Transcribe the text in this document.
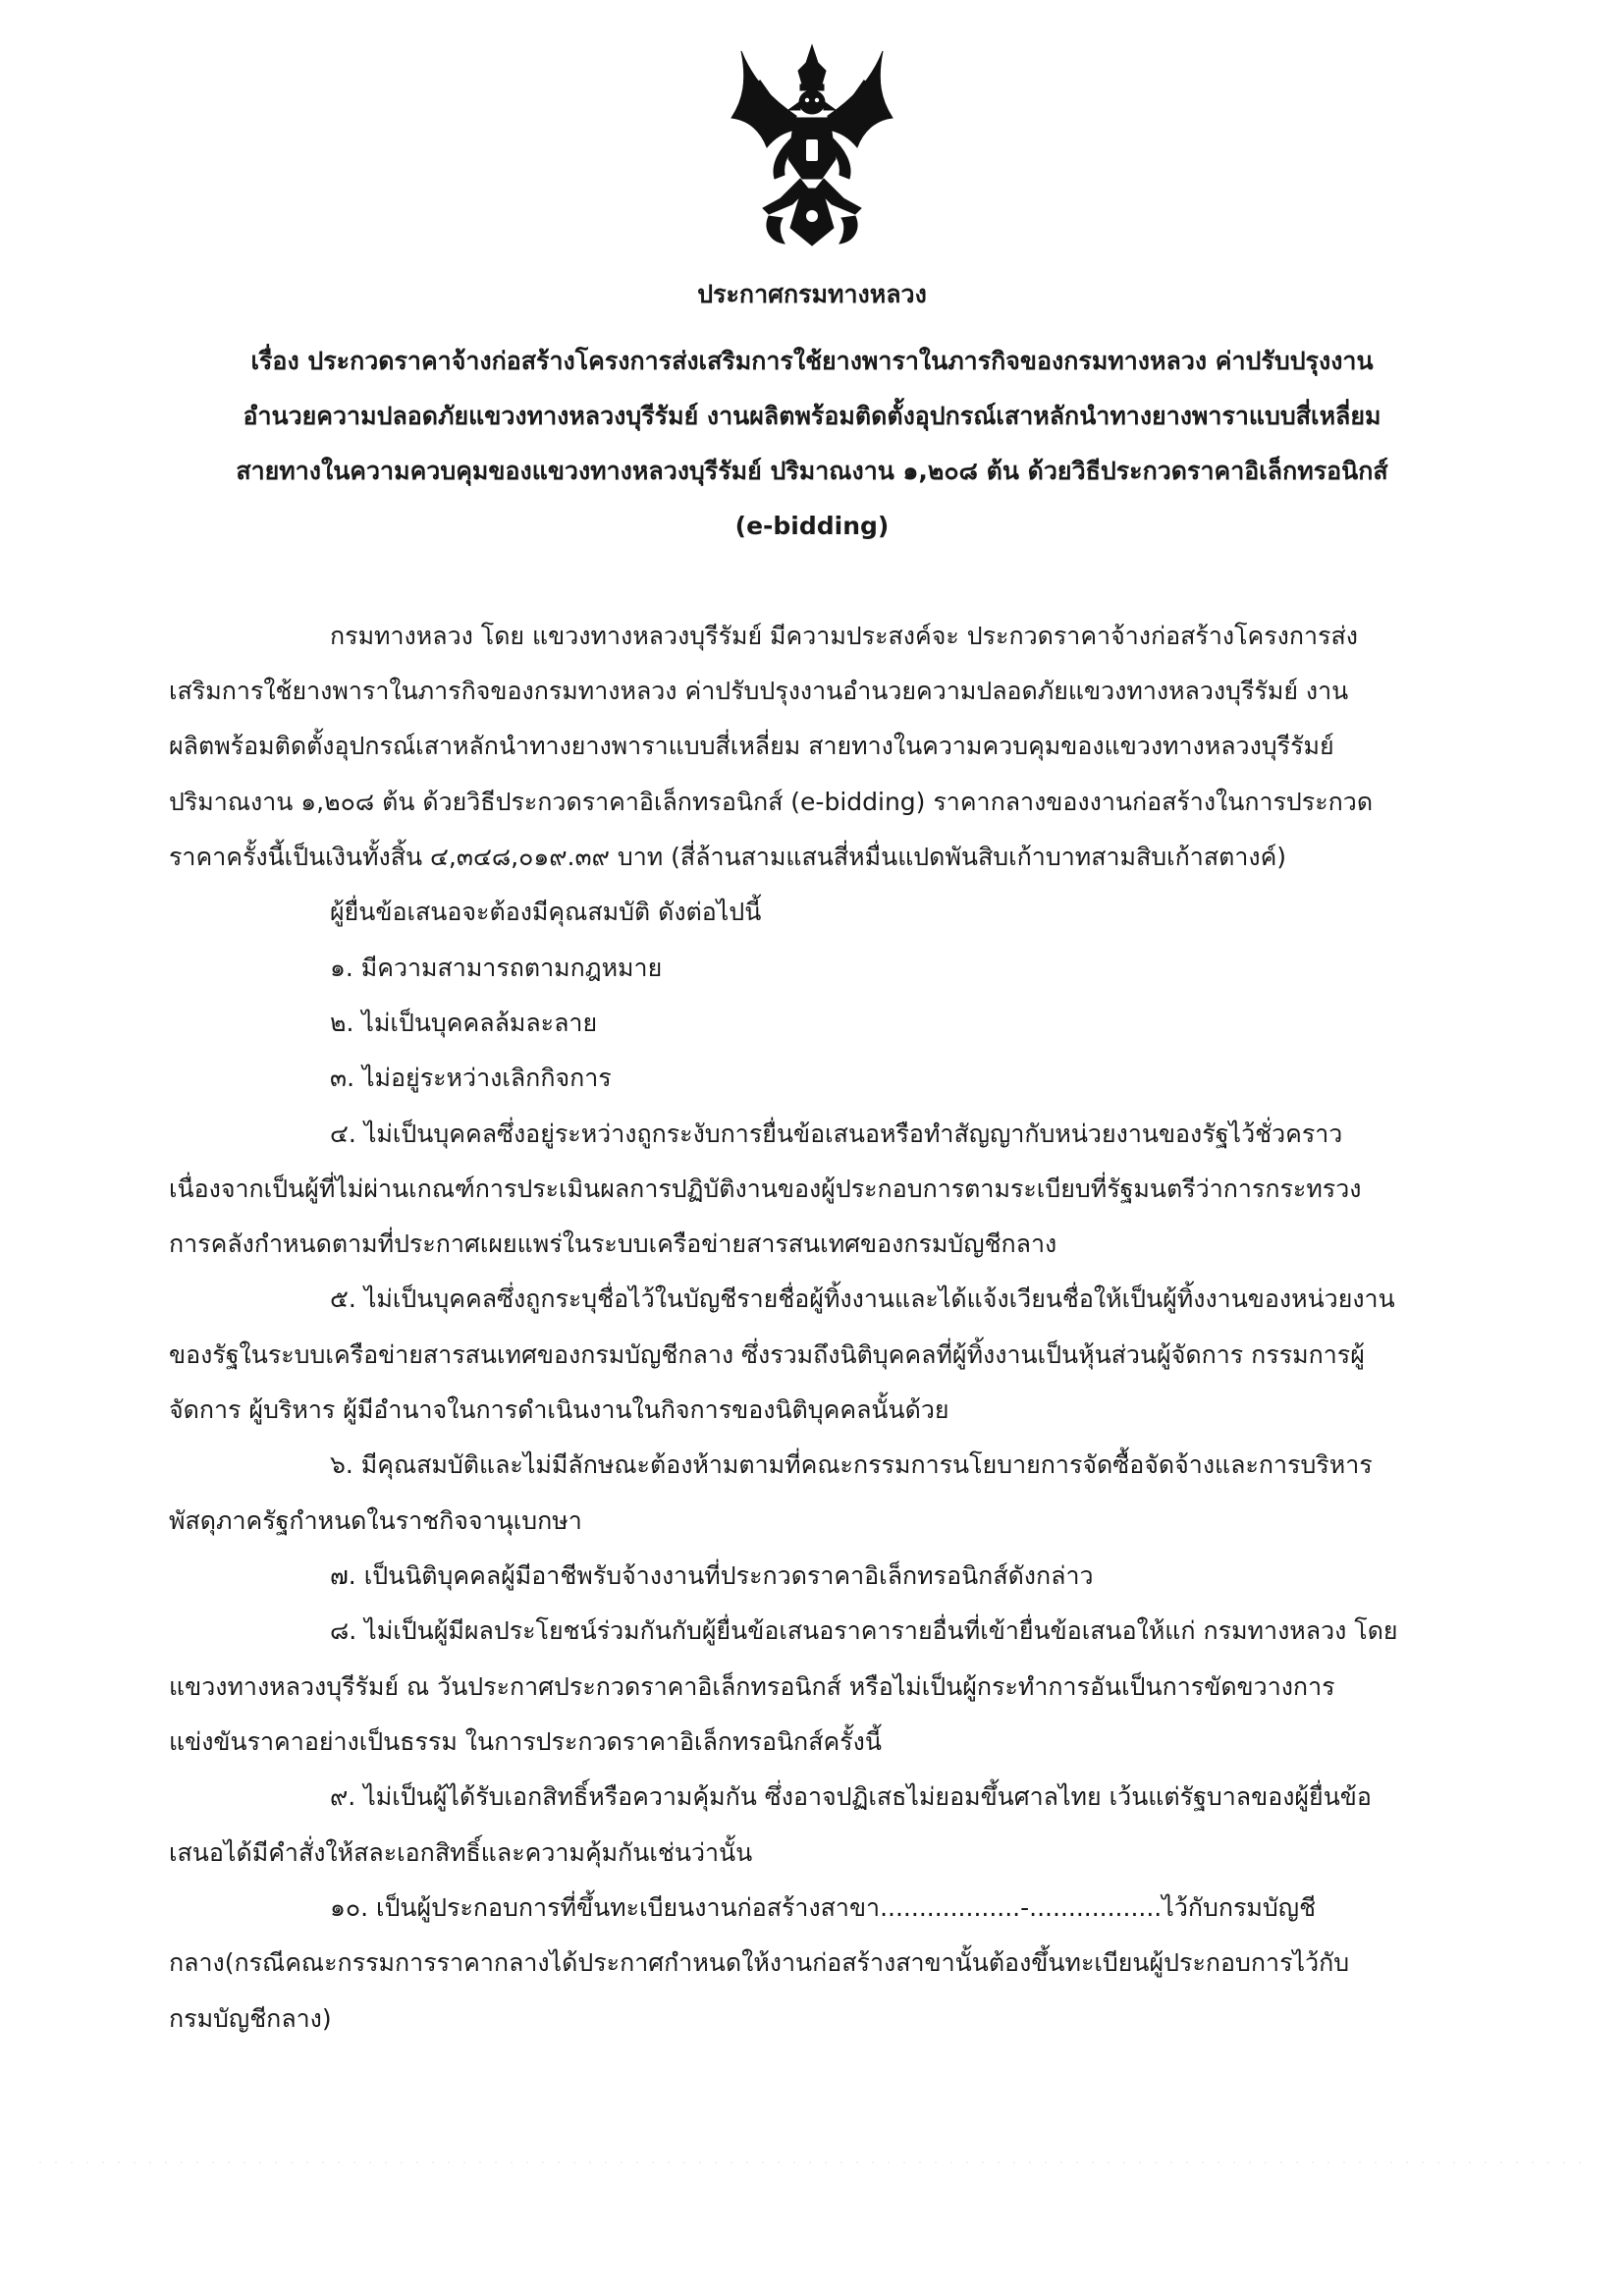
ประกาศกรมทางหลวง
เรื่อง ประกวดราคาจ้างก่อสร้างโครงการส่งเสริมการใช้ยางพาราในภารกิจของกรมทางหลวง ค่าปรับปรุงงาน
อำนวยความปลอดภัยแขวงทางหลวงบุรีรัมย์ งานผลิตพร้อมติดตั้งอุปกรณ์เสาหลักนำทางยางพาราแบบสี่เหลี่ยม
สายทางในความควบคุมของแขวงทางหลวงบุรีรัมย์ ปริมาณงาน ๑,๒๐๘ ต้น ด้วยวิธีประกวดราคาอิเล็กทรอนิกส์
(e-bidding)
กรมทางหลวง โดย แขวงทางหลวงบุรีรัมย์ มีความประสงค์จะ ประกวดราคาจ้างก่อสร้างโครงการส่ง
เสริมการใช้ยางพาราในภารกิจของกรมทางหลวง ค่าปรับปรุงงานอำนวยความปลอดภัยแขวงทางหลวงบุรีรัมย์ งาน
ผลิตพร้อมติดตั้งอุปกรณ์เสาหลักนำทางยางพาราแบบสี่เหลี่ยม สายทางในความควบคุมของแขวงทางหลวงบุรีรัมย์
ปริมาณงาน ๑,๒๐๘ ต้น ด้วยวิธีประกวดราคาอิเล็กทรอนิกส์ (e-bidding) ราคากลางของงานก่อสร้างในการประกวด
ราคาครั้งนี้เป็นเงินทั้งสิ้น ๔,๓๔๘,๐๑๙.๓๙ บาท (สี่ล้านสามแสนสี่หมื่นแปดพันสิบเก้าบาทสามสิบเก้าสตางค์)
ผู้ยื่นข้อเสนอจะต้องมีคุณสมบัติ ดังต่อไปนี้
๑. มีความสามารถตามกฎหมาย
๒. ไม่เป็นบุคคลล้มละลาย
๓. ไม่อยู่ระหว่างเลิกกิจการ
๔. ไม่เป็นบุคคลซึ่งอยู่ระหว่างถูกระงับการยื่นข้อเสนอหรือทำสัญญากับหน่วยงานของรัฐไว้ชั่วคราว
เนื่องจากเป็นผู้ที่ไม่ผ่านเกณฑ์การประเมินผลการปฏิบัติงานของผู้ประกอบการตามระเบียบที่รัฐมนตรีว่าการกระทรวง
การคลังกำหนดตามที่ประกาศเผยแพร่ในระบบเครือข่ายสารสนเทศของกรมบัญชีกลาง
๕. ไม่เป็นบุคคลซึ่งถูกระบุชื่อไว้ในบัญชีรายชื่อผู้ทิ้งงานและได้แจ้งเวียนชื่อให้เป็นผู้ทิ้งงานของหน่วยงาน
ของรัฐในระบบเครือข่ายสารสนเทศของกรมบัญชีกลาง ซึ่งรวมถึงนิติบุคคลที่ผู้ทิ้งงานเป็นหุ้นส่วนผู้จัดการ กรรมการผู้
จัดการ ผู้บริหาร ผู้มีอำนาจในการดำเนินงานในกิจการของนิติบุคคลนั้นด้วย
๖. มีคุณสมบัติและไม่มีลักษณะต้องห้ามตามที่คณะกรรมการนโยบายการจัดซื้อจัดจ้างและการบริหาร
พัสดุภาครัฐกำหนดในราชกิจจานุเบกษา
๗. เป็นนิติบุคคลผู้มีอาชีพรับจ้างงานที่ประกวดราคาอิเล็กทรอนิกส์ดังกล่าว
๘. ไม่เป็นผู้มีผลประโยชน์ร่วมกันกับผู้ยื่นข้อเสนอราคารายอื่นที่เข้ายื่นข้อเสนอให้แก่ กรมทางหลวง โดย
แขวงทางหลวงบุรีรัมย์ ณ วันประกาศประกวดราคาอิเล็กทรอนิกส์ หรือไม่เป็นผู้กระทำการอันเป็นการขัดขวางการ
แข่งขันราคาอย่างเป็นธรรม ในการประกวดราคาอิเล็กทรอนิกส์ครั้งนี้
๙. ไม่เป็นผู้ได้รับเอกสิทธิ์หรือความคุ้มกัน ซึ่งอาจปฏิเสธไม่ยอมขึ้นศาลไทย เว้นแต่รัฐบาลของผู้ยื่นข้อ
เสนอได้มีคำสั่งให้สละเอกสิทธิ์และความคุ้มกันเช่นว่านั้น
๑๐. เป็นผู้ประกอบการที่ขึ้นทะเบียนงานก่อสร้างสาขา..................-.................ไว้กับกรมบัญชี
กลาง(กรณีคณะกรรมการราคากลางได้ประกาศกำหนดให้งานก่อสร้างสาขานั้นต้องขึ้นทะเบียนผู้ประกอบการไว้กับ
กรมบัญชีกลาง)
